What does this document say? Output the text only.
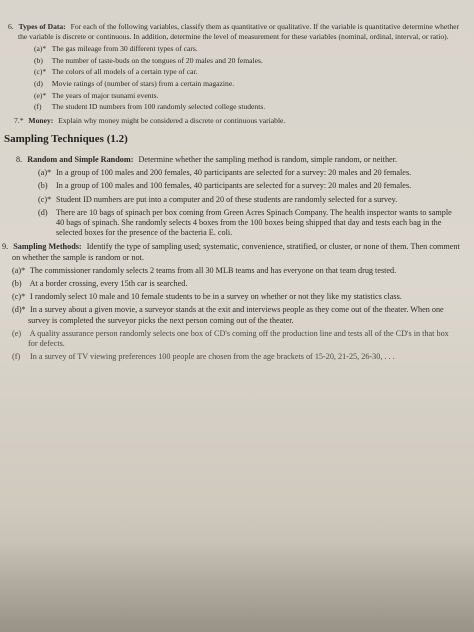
6. Types of Data: For each of the following variables, classify them as quantitative or qualitative. If the variable is quantitative determine whether the variable is discrete or continuous. In addition, determine the level of measurement for these variables (nominal, ordinal, interval, or ratio).
(a)* The gas mileage from 30 different types of cars.
(b) The number of taste-buds on the tongues of 20 males and 20 females.
(c)* The colors of all models of a certain type of car.
(d) Movie ratings of (number of stars) from a certain magazine.
(e)* The years of major tsunami events.
(f) The student ID numbers from 100 randomly selected college students.
7.* Money: Explain why money might be considered a discrete or continuous variable.
Sampling Techniques (1.2)
8. Random and Simple Random: Determine whether the sampling method is random, simple random, or neither.
(a)* In a group of 100 males and 200 females, 40 participants are selected for a survey: 20 males and 20 females.
(b) In a group of 100 males and 100 females, 40 participants are selected for a survey: 20 males and 20 females.
(c)* Student ID numbers are put into a computer and 20 of these students are randomly selected for a survey.
(d) There are 10 bags of spinach per box coming from Green Acres Spinach Company. The health inspector wants to sample 40 bags of spinach. She randomly selects 4 boxes from the 100 boxes being shipped that day and tests each bag in the selected boxes for the presence of the bacteria E. coli.
9. Sampling Methods: Identify the type of sampling used; systematic, convenience, stratified, or cluster, or none of them. Then comment on whether the sample is random or not.
(a)* The commissioner randomly selects 2 teams from all 30 MLB teams and has everyone on that team drug tested.
(b) At a border crossing, every 15th car is searched.
(c)* I randomly select 10 male and 10 female students to be in a survey on whether or not they like my statistics class.
(d)* In a survey about a given movie, a surveyor stands at the exit and interviews people as they come out of the theater. When one survey is completed the surveyor picks the next person coming out of the theater.
(e) A quality assurance person randomly selects one box of CD's coming off the production line and tests all of the CD's in that box for defects.
(f) In a survey of TV viewing preferences 100 people are chosen from the age brackets of 15-20, 21-25, 26-30, . . .
